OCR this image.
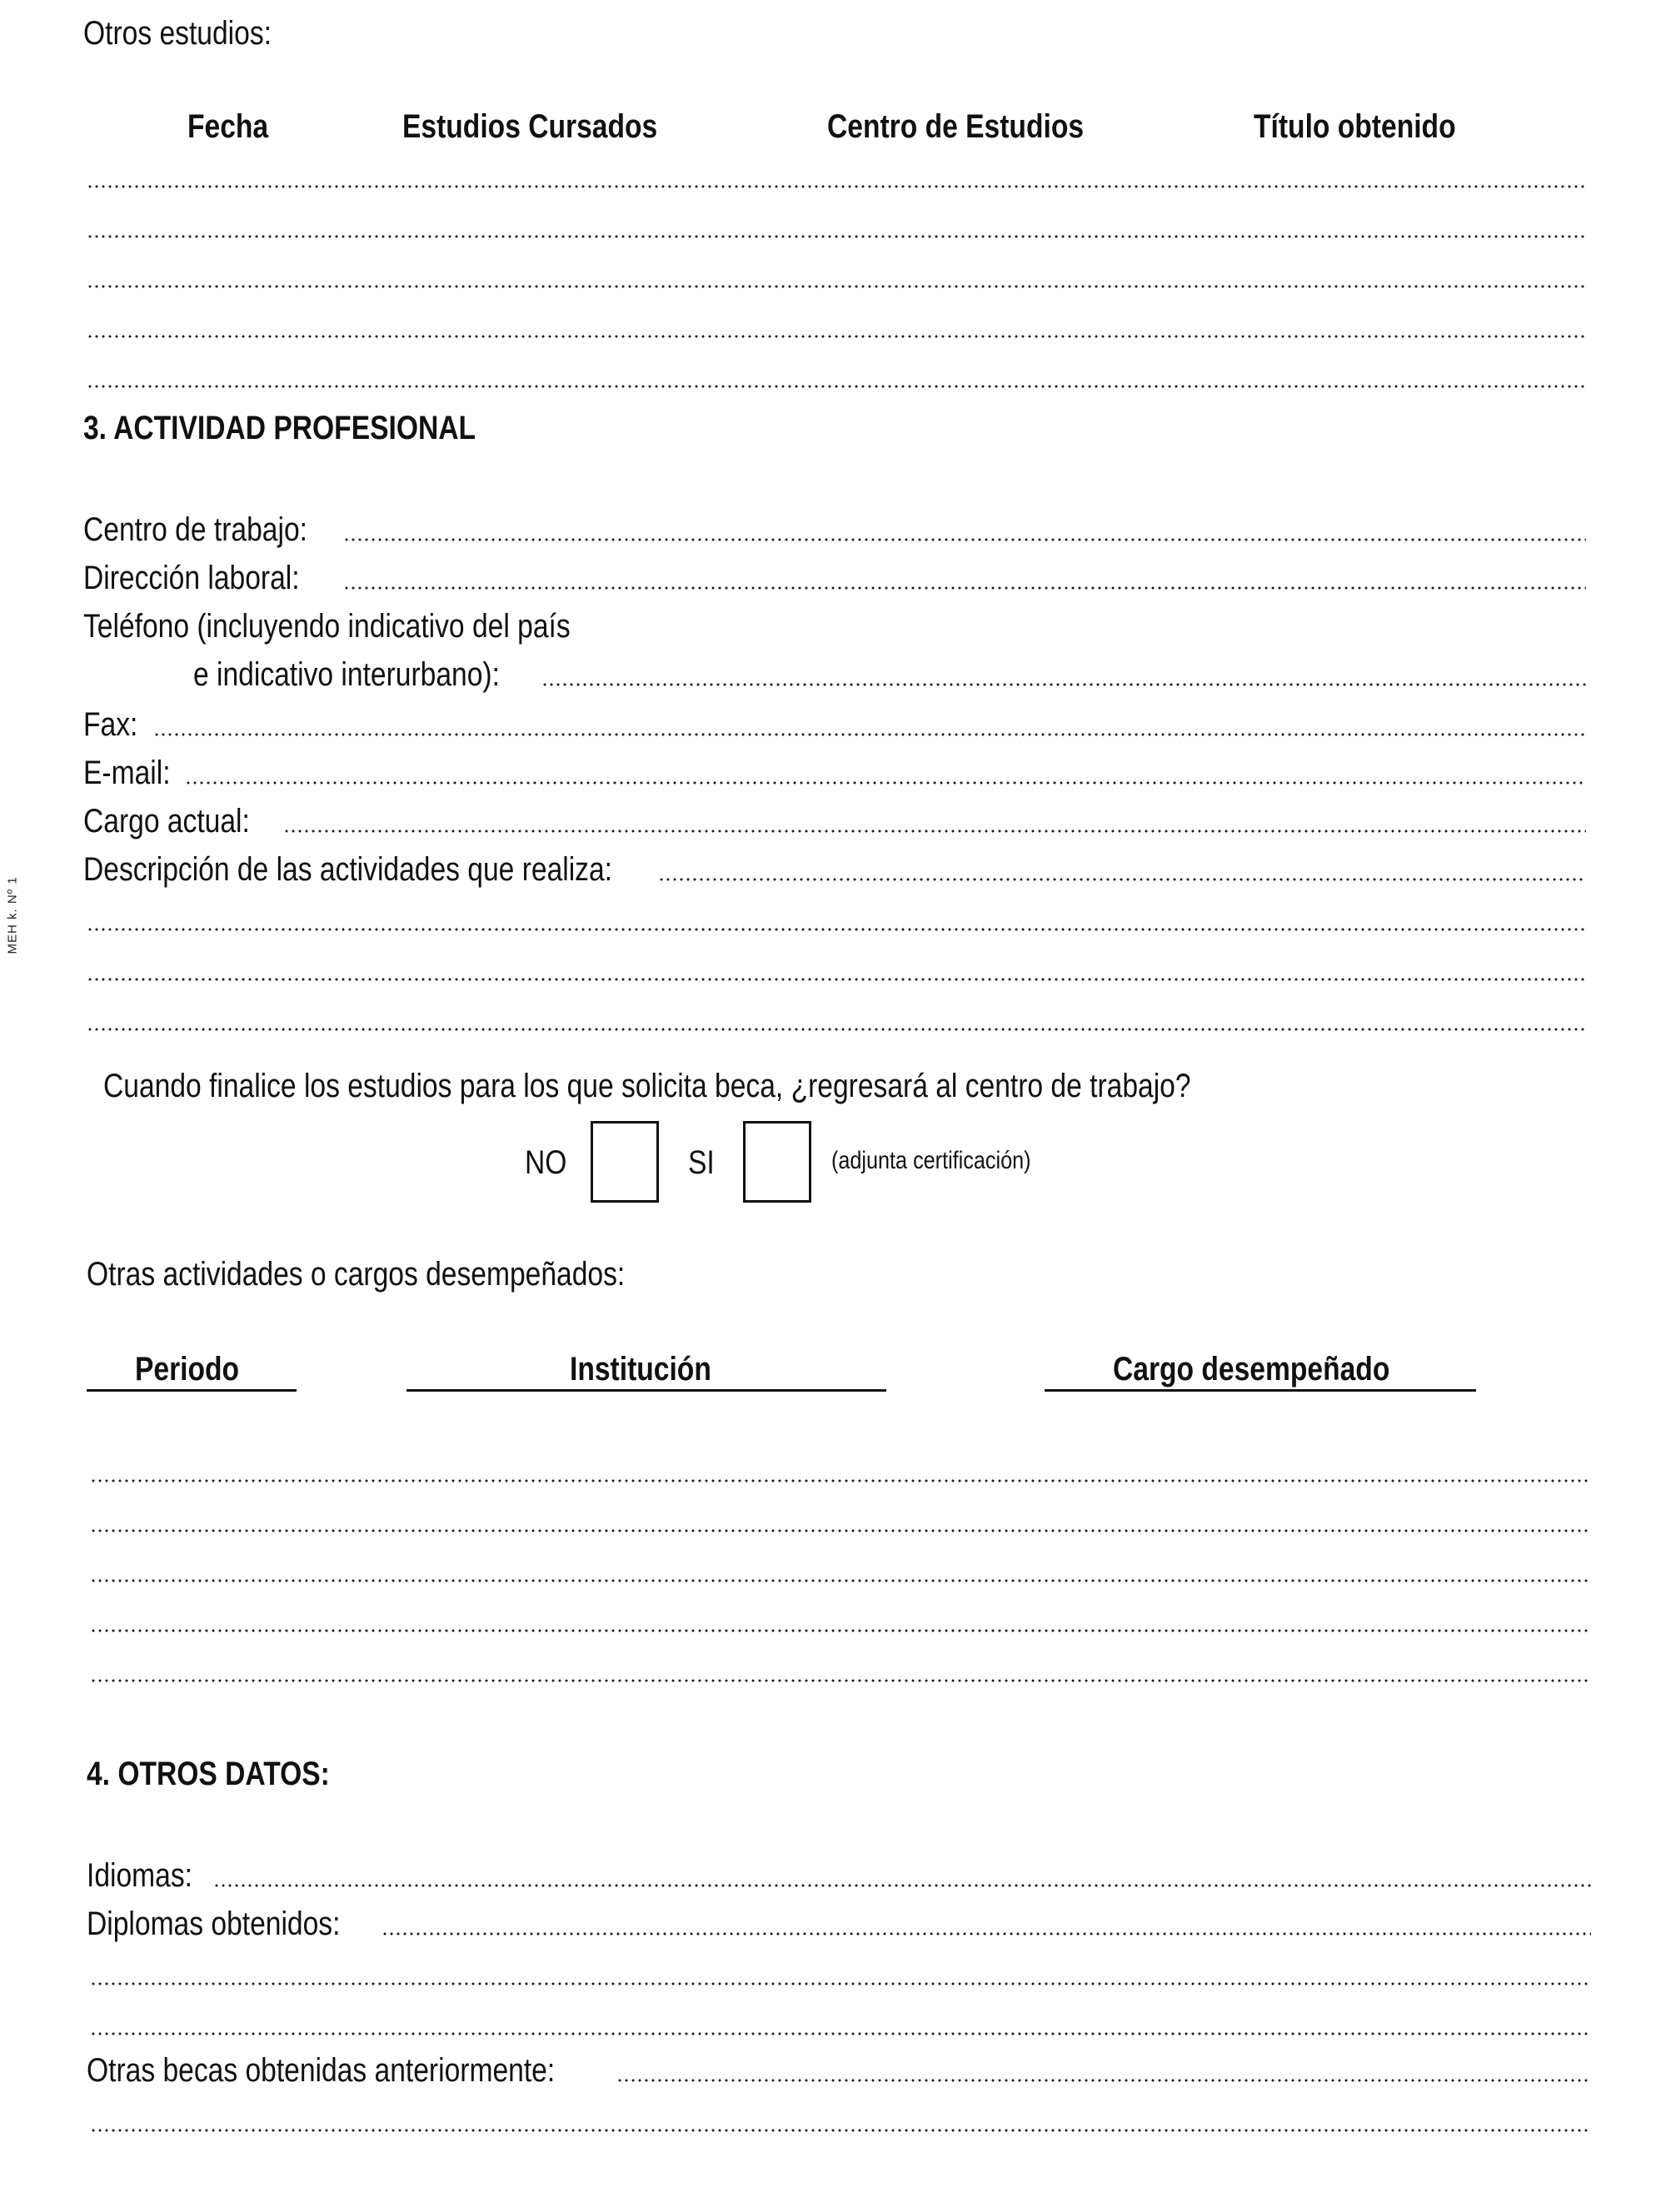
MEH k. Nº 1
Otros estudios:
Fecha	Estudios Cursados	Centro de Estudios	Título obtenido
3. ACTIVIDAD PROFESIONAL
Centro de trabajo:
Dirección laboral:
Teléfono (incluyendo indicativo del país
e indicativo interurbano):
Fax:
E-mail:
Cargo actual:
Descripción de las actividades que realiza:
Cuando finalice los estudios para los que solicita beca, ¿regresará al centro de trabajo?
NO	SI	(adjunta certificación)
Otras actividades o cargos desempeñados:
Periodo	Institución	Cargo desempeñado
4. OTROS DATOS:
Idiomas:
Diplomas obtenidos:
Otras becas obtenidas anteriormente:
